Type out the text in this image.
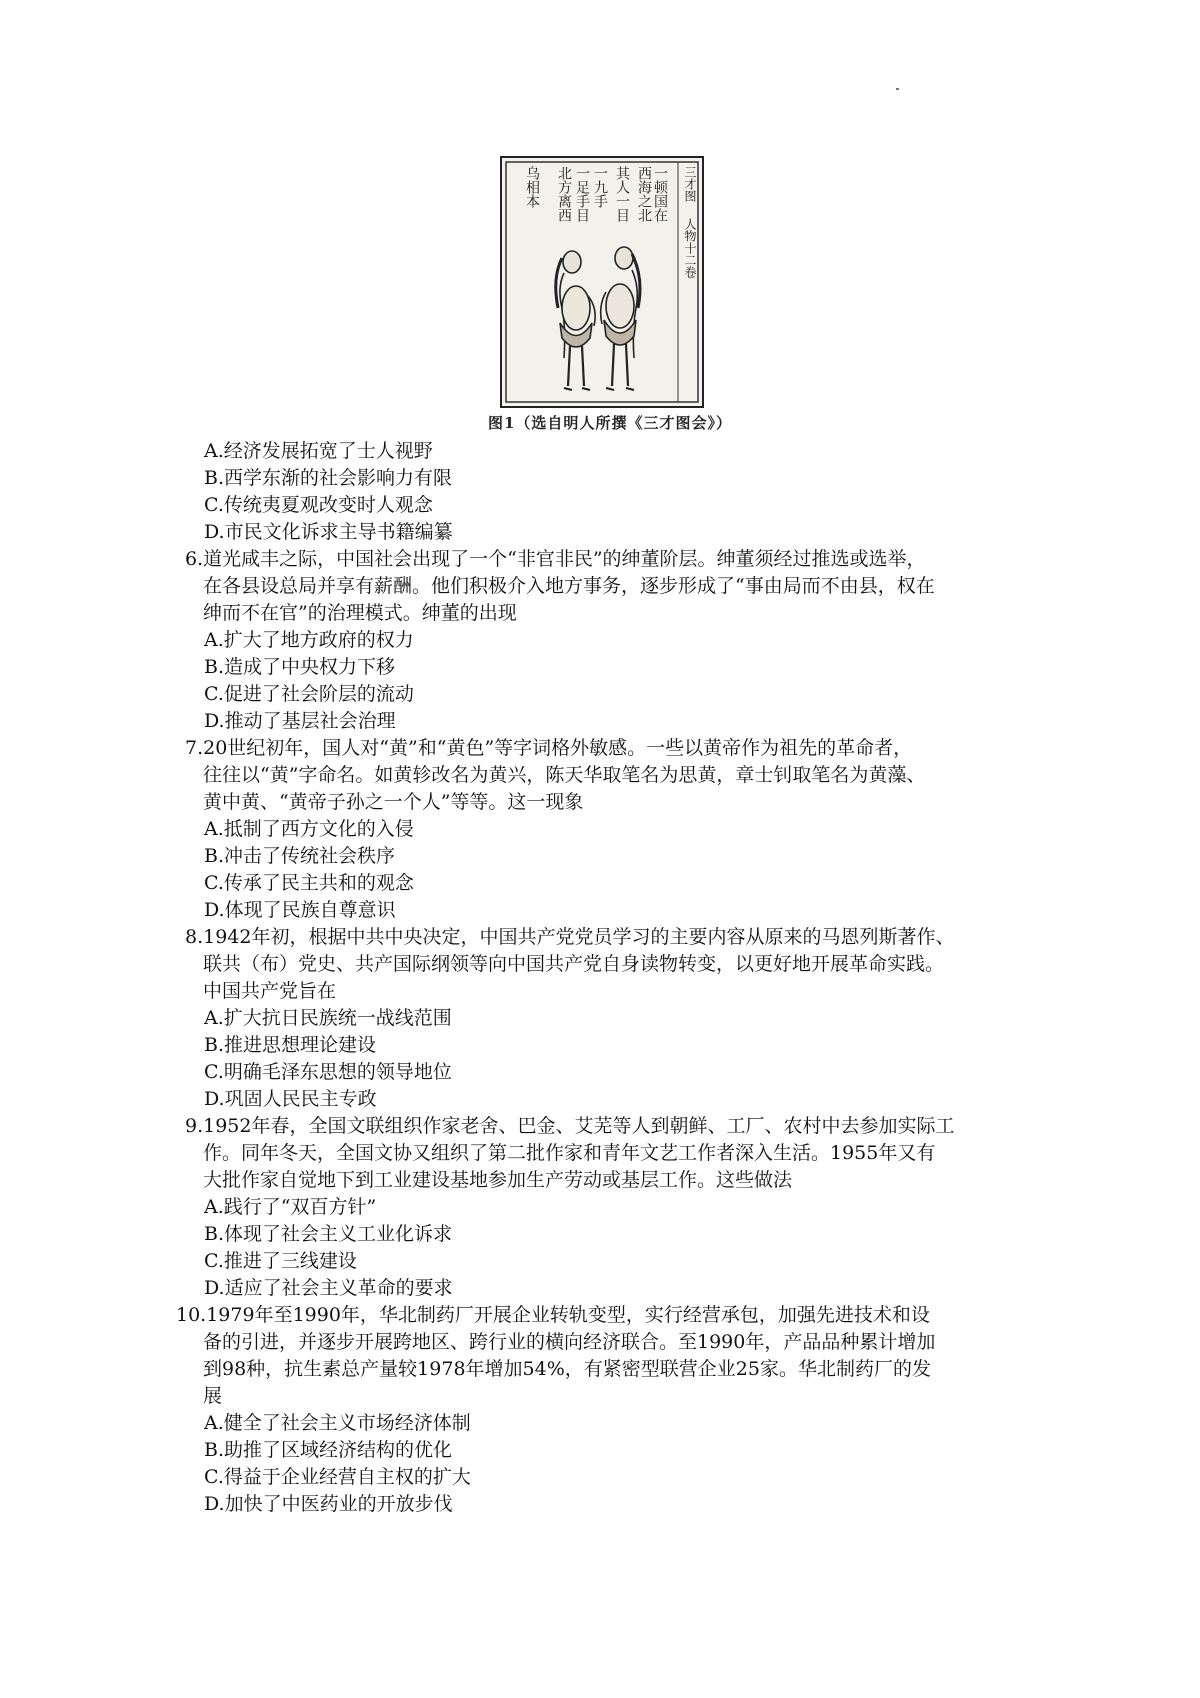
一顿国在
西海之北
其人一目
一九手
一足手目
北方离西
乌相本	三才图
人物十二卷
图1（选自明人所撰《三才图会》）
A.经济发展拓宽了士人视野
B.西学东渐的社会影响力有限
C.传统夷夏观改变时人观念
D.市民文化诉求主导书籍编纂
6.道光咸丰之际，中国社会出现了一个“非官非民”的绅董阶层。绅董须经过推选或选举，
在各县设总局并享有薪酬。他们积极介入地方事务，逐步形成了“事由局而不由县，权在
绅而不在官”的治理模式。绅董的出现
A.扩大了地方政府的权力
B.造成了中央权力下移
C.促进了社会阶层的流动
D.推动了基层社会治理
7.20世纪初年，国人对“黄”和“黄色”等字词格外敏感。一些以黄帝作为祖先的革命者，
往往以“黄”字命名。如黄轸改名为黄兴，陈天华取笔名为思黄，章士钊取笔名为黄藻、
黄中黄、“黄帝子孙之一个人”等等。这一现象
A.抵制了西方文化的入侵
B.冲击了传统社会秩序
C.传承了民主共和的观念
D.体现了民族自尊意识
8.1942年初，根据中共中央决定，中国共产党党员学习的主要内容从原来的马恩列斯著作、
联共（布）党史、共产国际纲领等向中国共产党自身读物转变，以更好地开展革命实践。
中国共产党旨在
A.扩大抗日民族统一战线范围
B.推进思想理论建设
C.明确毛泽东思想的领导地位
D.巩固人民民主专政
9.1952年春，全国文联组织作家老舍、巴金、艾芜等人到朝鲜、工厂、农村中去参加实际工
作。同年冬天，全国文协又组织了第二批作家和青年文艺工作者深入生活。1955年又有
大批作家自觉地下到工业建设基地参加生产劳动或基层工作。这些做法
A.践行了“双百方针”
B.体现了社会主义工业化诉求
C.推进了三线建设
D.适应了社会主义革命的要求
10.1979年至1990年，华北制药厂开展企业转轨变型，实行经营承包，加强先进技术和设
备的引进，并逐步开展跨地区、跨行业的横向经济联合。至1990年，产品品种累计增加
到98种，抗生素总产量较1978年增加54%，有紧密型联营企业25家。华北制药厂的发
展
A.健全了社会主义市场经济体制
B.助推了区域经济结构的优化
C.得益于企业经营自主权的扩大
D.加快了中医药业的开放步伐
